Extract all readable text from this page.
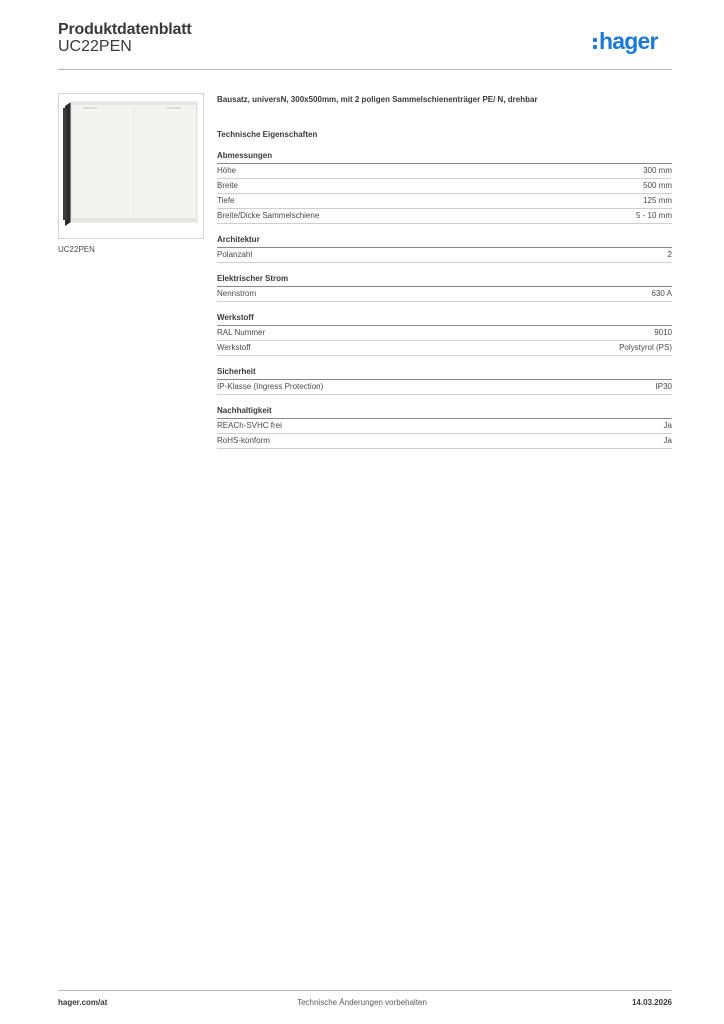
Produktdatenblatt
UC22PEN	hager
UC22PEN
Bausatz, universN, 300x500mm, mit 2 poligen Sammelschienenträger PE/ N, drehbar
Technische Eigenschaften
Abmessungen
Höhe	300 mm
Breite	500 mm
Tiefe	125 mm
Breite/Dicke Sammelschiene	5 - 10 mm
Architektur
Polanzahl	2
Elektrischer Strom
Nennstrom	630 A
Werkstoff
RAL Nummer	9010
Werkstoff	Polystyrol (PS)
Sicherheit
IP-Klasse (Ingress Protection)	IP30
Nachhaltigkeit
REACh-SVHC frei	Ja
RoHS-konform	Ja
hager.com/at	Technische Änderungen vorbehalten	14.03.2026
